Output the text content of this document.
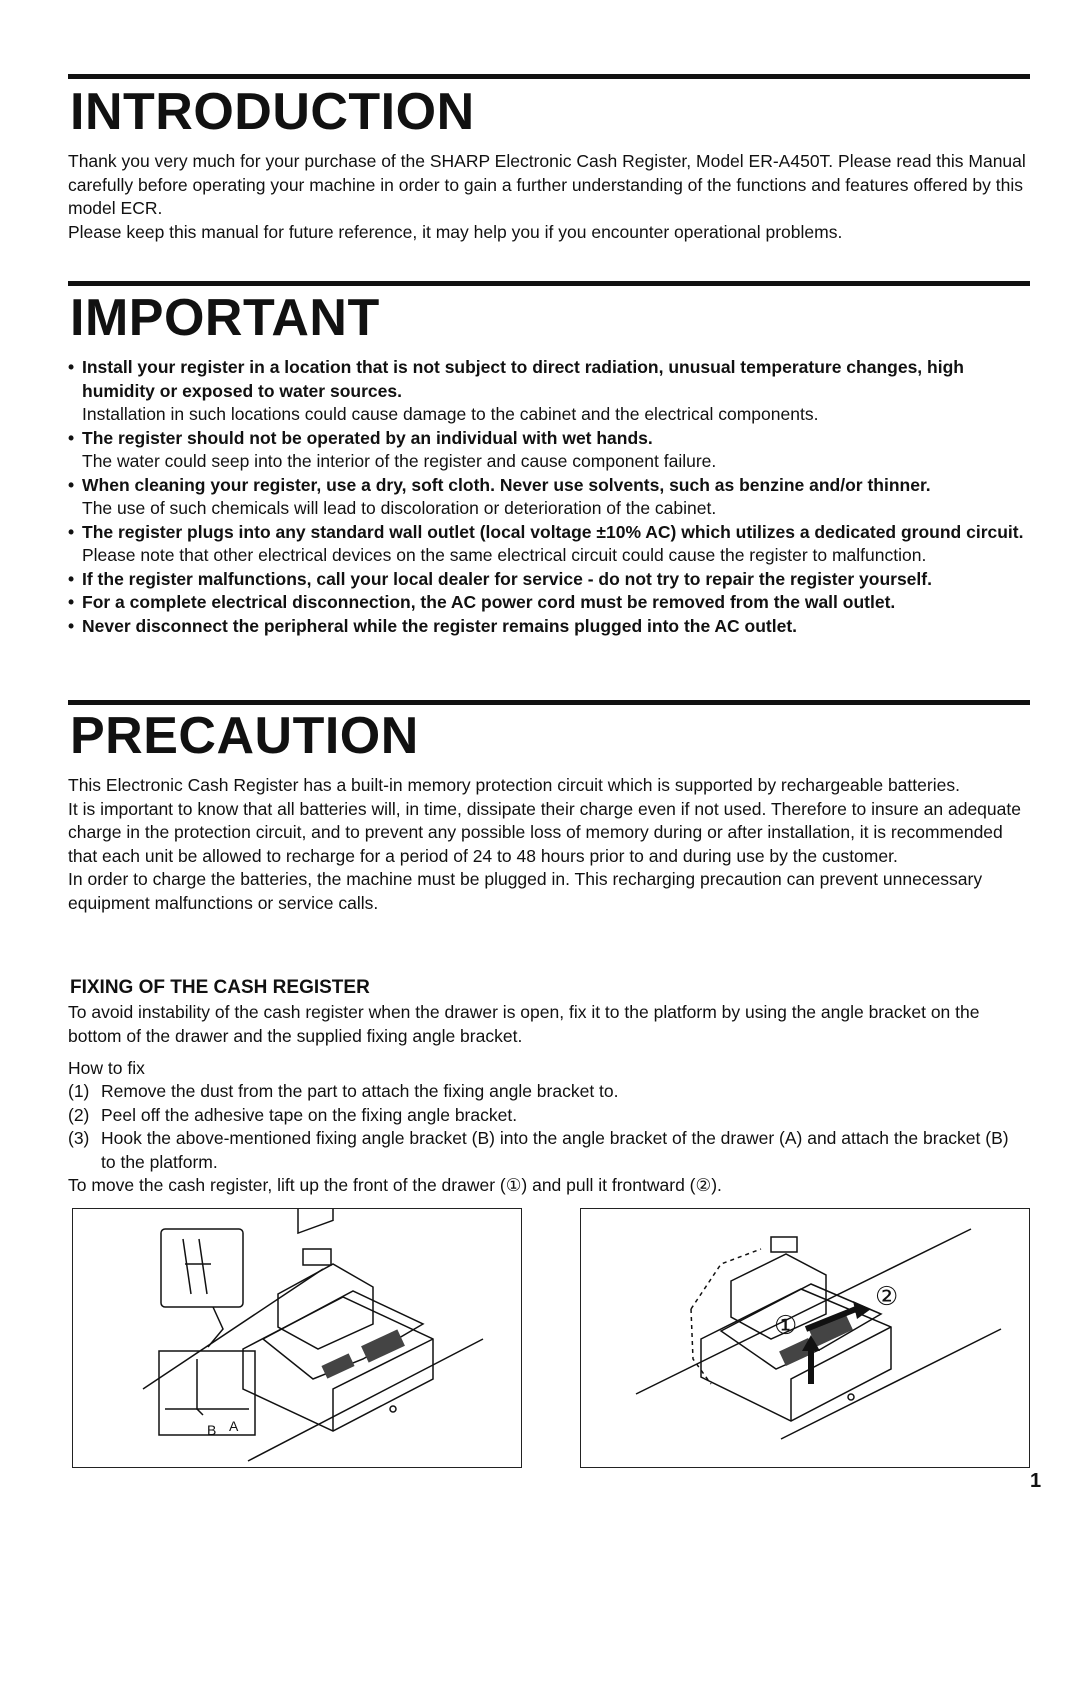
INTRODUCTION

Thank you very much for your purchase of the SHARP Electronic Cash Register, Model ER-A450T. Please read this Manual carefully before operating your machine in order to gain a further understanding of the functions and features offered by this model ECR.

Please keep this manual for future reference, it may help you if you encounter operational problems.

IMPORTANT
• Install your register in a location that is not subject to direct radiation, unusual temperature changes, high humidity or exposed to water sources.
Installation in such locations could cause damage to the cabinet and the electrical components.
• The register should not be operated by an individual with wet hands.
The water could seep into the interior of the register and cause component failure.
• When cleaning your register, use a dry, soft cloth. Never use solvents, such as benzine and/or thinner.
The use of such chemicals will lead to discoloration or deterioration of the cabinet.
• The register plugs into any standard wall outlet (local voltage ±10% AC) which utilizes a dedicated ground circuit.
Please note that other electrical devices on the same electrical circuit could cause the register to malfunction.
• If the register malfunctions, call your local dealer for service - do not try to repair the register yourself.
• For a complete electrical disconnection, the AC power cord must be removed from the wall outlet.
• Never disconnect the peripheral while the register remains plugged into the AC outlet.
PRECAUTION

This Electronic Cash Register has a built-in memory protection circuit which is supported by rechargeable batteries.

It is important to know that all batteries will, in time, dissipate their charge even if not used. Therefore to insure an adequate charge in the protection circuit, and to prevent any possible loss of memory during or after installation, it is recommended that each unit be allowed to recharge for a period of 24 to 48 hours prior to and during use by the customer.

In order to charge the batteries, the machine must be plugged in. This recharging precaution can prevent unnecessary equipment malfunctions or service calls.

FIXING OF THE CASH REGISTER

To avoid instability of the cash register when the drawer is open, fix it to the platform by using the angle bracket on the bottom of the drawer and the supplied fixing angle bracket.

How to fix

(1) Remove the dust from the part to attach the fixing angle bracket to.
(2) Peel off the adhesive tape on the fixing angle bracket.
(3) Hook the above-mentioned fixing angle bracket (B) into the angle bracket of the drawer (A) and attach the bracket (B) to the platform.

To move the cash register, lift up the front of the drawer (①) and pull it frontward (②).

B A
①
②
1
